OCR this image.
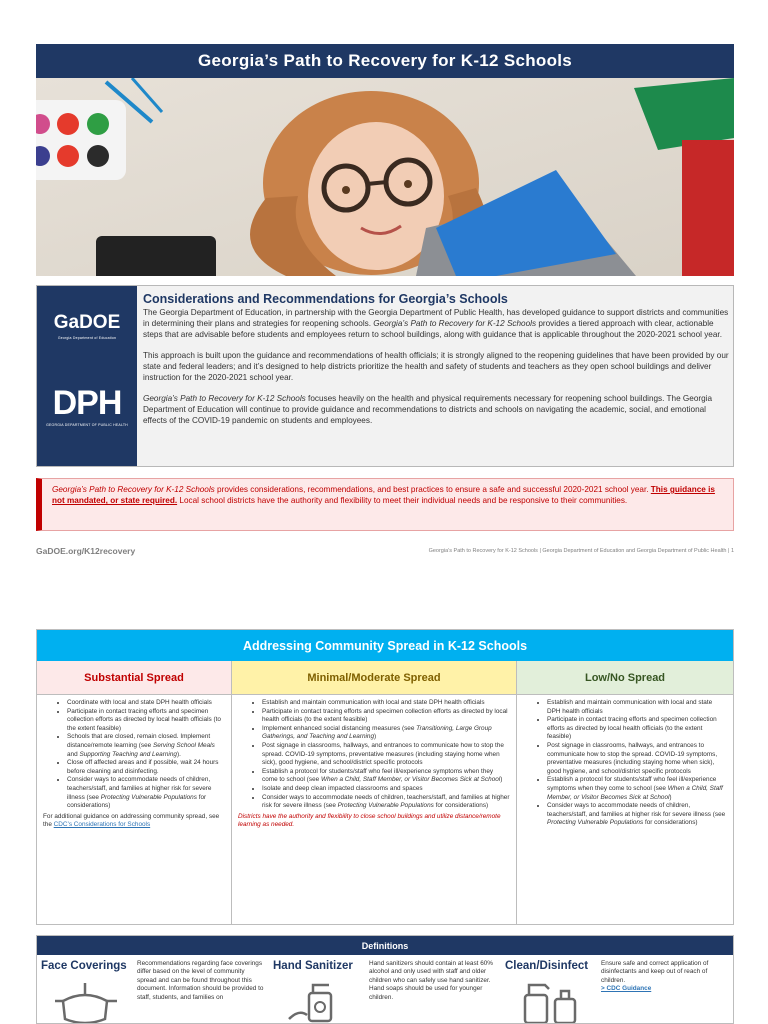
Georgia’s Path to Recovery for K-12 Schools
GaDOE
Georgia Department of Education
DPH
GEORGIA DEPARTMENT OF PUBLIC HEALTH
Considerations and Recommendations for Georgia’s Schools

The Georgia Department of Education, in partnership with the Georgia Department of Public Health, has developed guidance to support districts and communities in determining their plans and strategies for reopening schools. Georgia’s Path to Recovery for K-12 Schools provides a tiered approach with clear, actionable steps that are advisable before students and employees return to school buildings, along with guidance that is applicable throughout the 2020-2021 school year.

This approach is built upon the guidance and recommendations of health officials; it is strongly aligned to the reopening guidelines that have been provided by our state and federal leaders; and it’s designed to help districts prioritize the health and safety of students and teachers as they open school buildings and deliver instruction for the 2020-2021 school year.

Georgia’s Path to Recovery for K-12 Schools focuses heavily on the health and physical requirements necessary for reopening school buildings. The Georgia Department of Education will continue to provide guidance and recommendations to districts and schools on navigating the academic, social, and emotional effects of the COVID-19 pandemic on students and employees.

Georgia’s Path to Recovery for K-12 Schools provides considerations, recommendations, and best practices to ensure a safe and successful 2020-2021 school year. This guidance is not mandated, or state required. Local school districts have the authority and flexibility to meet their individual needs and be responsive to their communities.
GaDOE.org/K12recovery	Georgia’s Path to Recovery for K-12 Schools | Georgia Department of Education and Georgia Department of Public Health | 1
Addressing Community Spread in K-12 Schools
Substantial Spread
• Coordinate with local and state DPH health officials
• Participate in contact tracing efforts and specimen collection efforts as directed by local health officials (to the extent feasible)
• Schools that are closed, remain closed. Implement distance/remote learning (see Serving School Meals and Supporting Teaching and Learning).
• Close off affected areas and if possible, wait 24 hours before cleaning and disinfecting.
• Consider ways to accommodate needs of children, teachers/staff, and families at higher risk for severe illness (see Protecting Vulnerable Populations for considerations)
For additional guidance on addressing community spread, see the CDC’s Considerations for Schools
Minimal/Moderate Spread
• Establish and maintain communication with local and state DPH health officials
• Participate in contact tracing efforts and specimen collection efforts as directed by local health officials (to the extent feasible)
• Implement enhanced social distancing measures (see Transitioning, Large Group Gatherings, and Teaching and Learning)
• Post signage in classrooms, hallways, and entrances to communicate how to stop the spread. COVID-19 symptoms, preventative measures (including staying home when sick), good hygiene, and school/district specific protocols
• Establish a protocol for students/staff who feel ill/experience symptoms when they come to school (see When a Child, Staff Member, or Visitor Becomes Sick at School)
• Isolate and deep clean impacted classrooms and spaces
• Consider ways to accommodate needs of children, teachers/staff, and families at higher risk for severe illness (see Protecting Vulnerable Populations for considerations)
Districts have the authority and flexibility to close school buildings and utilize distance/remote learning as needed.
Low/No Spread
• Establish and maintain communication with local and state DPH health officials
• Participate in contact tracing efforts and specimen collection efforts as directed by local health officials (to the extent feasible)
• Post signage in classrooms, hallways, and entrances to communicate how to stop the spread. COVID-19 symptoms, preventative measures (including staying home when sick), good hygiene, and school/district specific protocols
• Establish a protocol for students/staff who feel ill/experience symptoms when they come to school (see When a Child, Staff Member, or Visitor Becomes Sick at School)
• Consider ways to accommodate needs of children, teachers/staff, and families at higher risk for severe illness (see Protecting Vulnerable Populations for considerations)
Definitions
Face Coverings Recommendations regarding face coverings differ based on the level of community spread and can be found throughout this document. Information should be provided to staff, students, and families on
Hand Sanitizer	Hand sanitizers should contain at least 60% alcohol and only used with staff and older children who can safely use hand sanitizer. Hand soaps should be used for younger children.
Clean/Disinfect Ensure safe and correct application of disinfectants and keep out of reach of children.
> CDC Guidance
